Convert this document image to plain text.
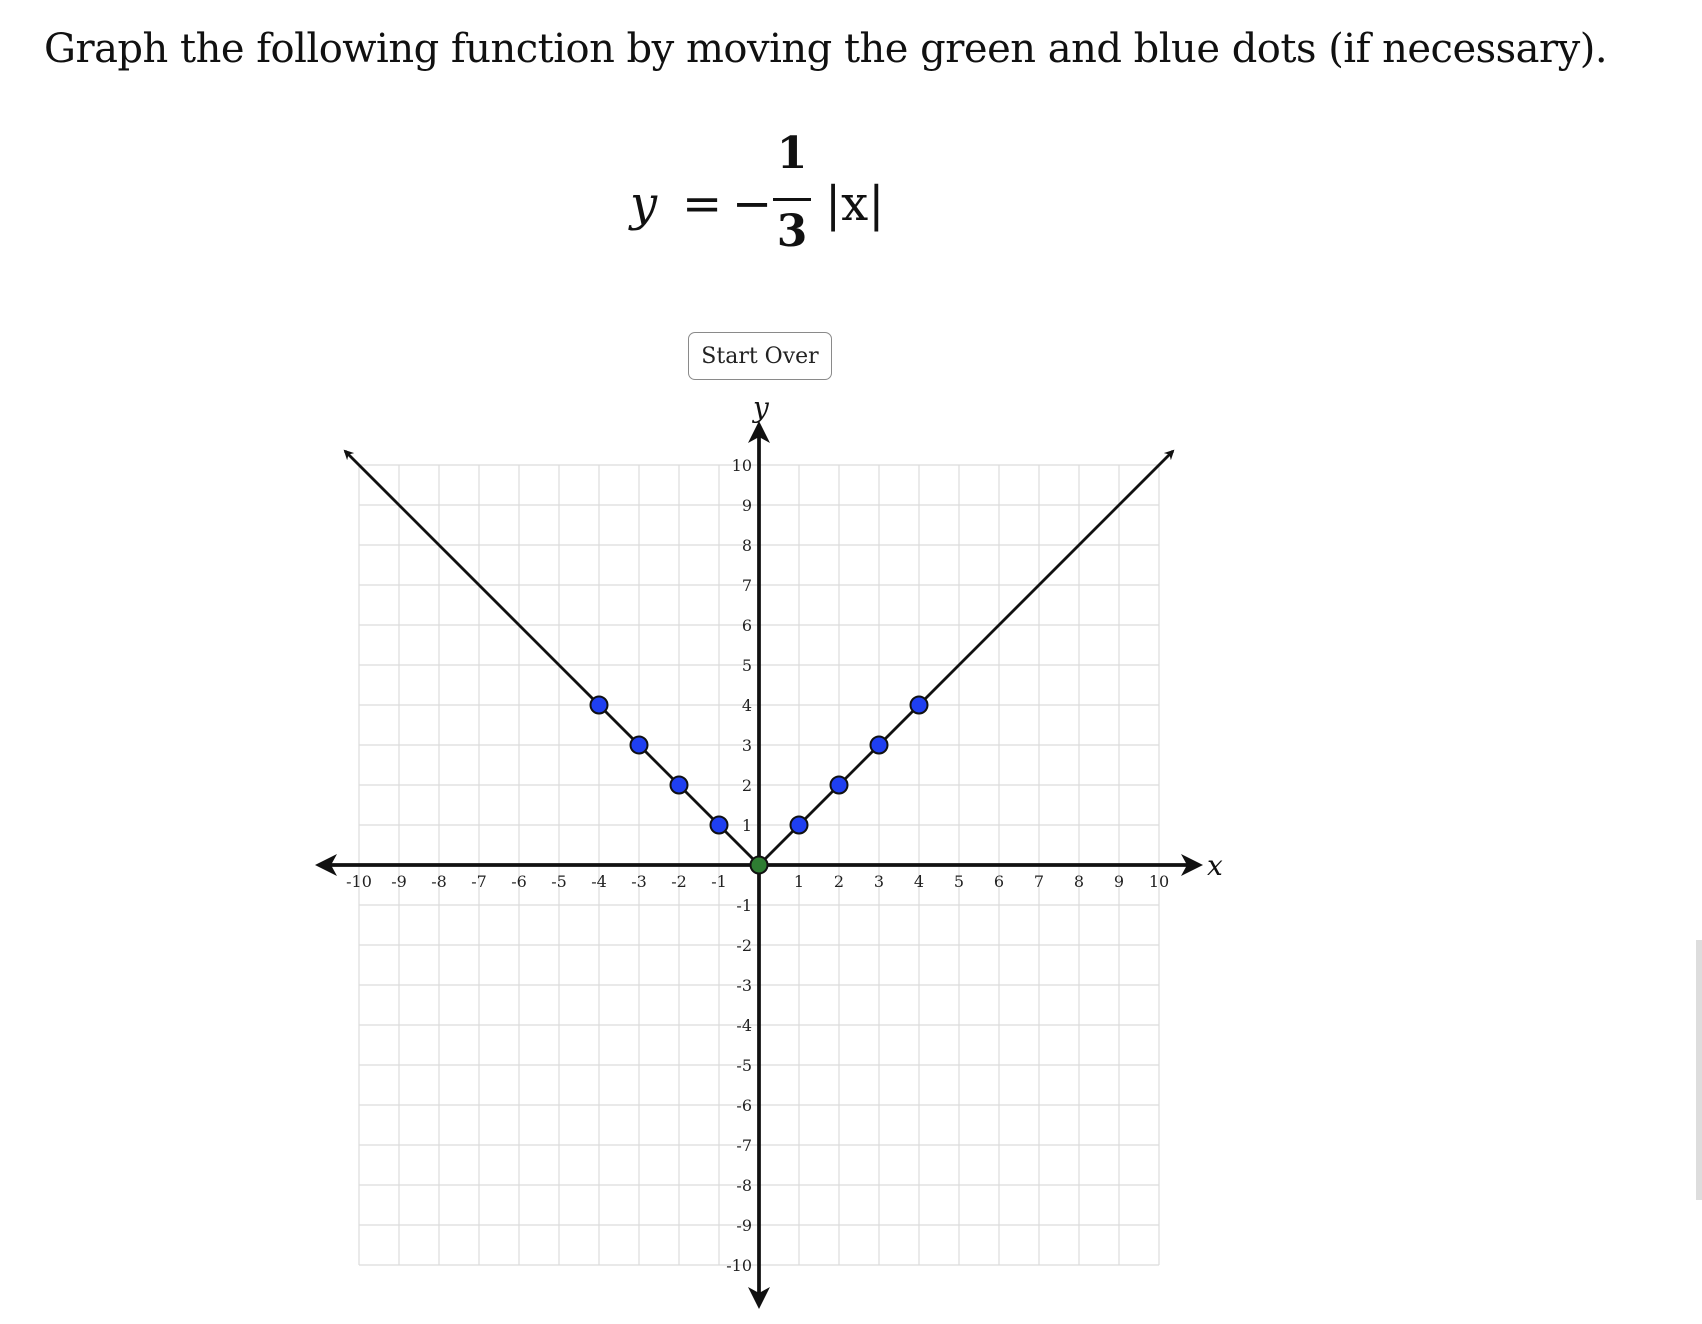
Graph the following function by moving the green and blue dots (if necessary).
y = −
1
3 |x|
Start Over
-10 -9 -8 -7 -6 -5 -4 -3 -2 -1	1 2 3 4 5 6 7 8 9 10
10
9
8
7
6
5
4
3
2
1
-1
-2
-3
-4
-5
-6
-7
-8
-9
-10
x
y
